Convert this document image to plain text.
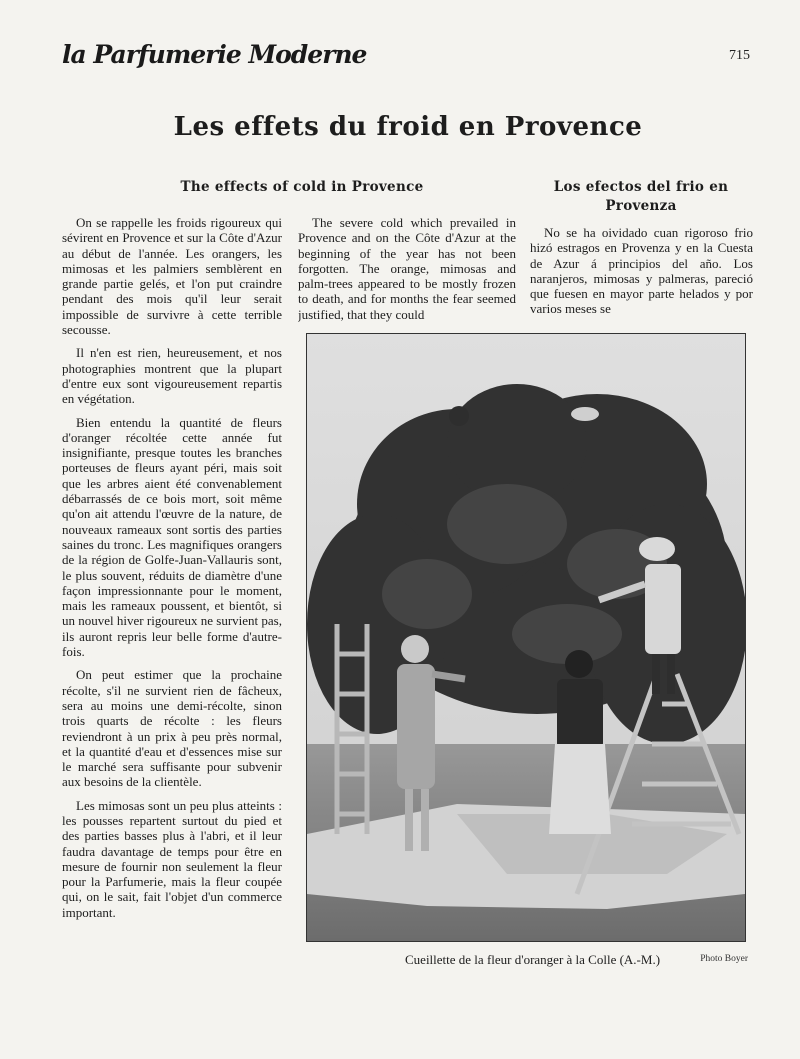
la Parfumerie Moderne	715
Les effets du froid en Provence
The effects of cold in Provence	Los efectos del frio en Provenza

On se rappelle les froids rigoureux qui sévirent en Provence et sur la Côte d'Azur au début de l'année. Les orangers, les mimosas et les palmiers semblèrent en grande partie gelés, et l'on put craindre pendant des mois qu'il leur serait impossible de survivre à cette terrible secousse.

Il n'en est rien, heureusement, et nos photographies montrent que la plupart d'entre eux sont vigoureusement repartis en végétation.

Bien entendu la quantité de fleurs d'oranger récoltée cette année fut insignifiante, presque toutes les branches porteuses de fleurs ayant péri, mais soit que les arbres aient été convenablement débarrassés de ce bois mort, soit même qu'on ait attendu l'œuvre de la nature, de nouveaux rameaux sont sortis des parties saines du tronc. Les magnifiques orangers de la région de Golfe-Juan-Vallauris sont, le plus souvent, réduits de diamètre d'une façon impressionnante pour le moment, mais les rameaux poussent, et bientôt, si un nouvel hiver rigoureux ne survient pas, ils auront repris leur belle forme d'autrefois.

On peut estimer que la prochaine récolte, s'il ne survient rien de fâcheux, sera au moins une demi-récolte, sinon trois quarts de récolte : les fleurs reviendront à un prix à peu près normal, et la quantité d'eau et d'essences mise sur le marché sera suffisante pour subvenir aux besoins de la clientèle.

Les mimosas sont un peu plus atteints : les pousses repartent surtout du pied et des parties basses plus à l'abri, et il leur faudra davantage de temps pour être en mesure de fournir non seulement la fleur pour la Parfumerie, mais la fleur coupée qui, on le sait, fait l'objet d'un commerce important.

The severe cold which prevailed in Provence and on the Côte d'Azur at the beginning of the year has not been forgotten. The orange, mimosas and palm-trees appeared to be mostly frozen to death, and for months the fear seemed justified, that they could

No se ha oividado cuan rigoroso frio hizó estragos en Provenza y en la Cuesta de Azur á principios del año. Los naranjeros, mimosas y palmeras, pareció que fuesen en mayor parte helados y por varios meses se

Cueillette de la fleur d'oranger à la Colle (A.-M.)	Photo Boyer
